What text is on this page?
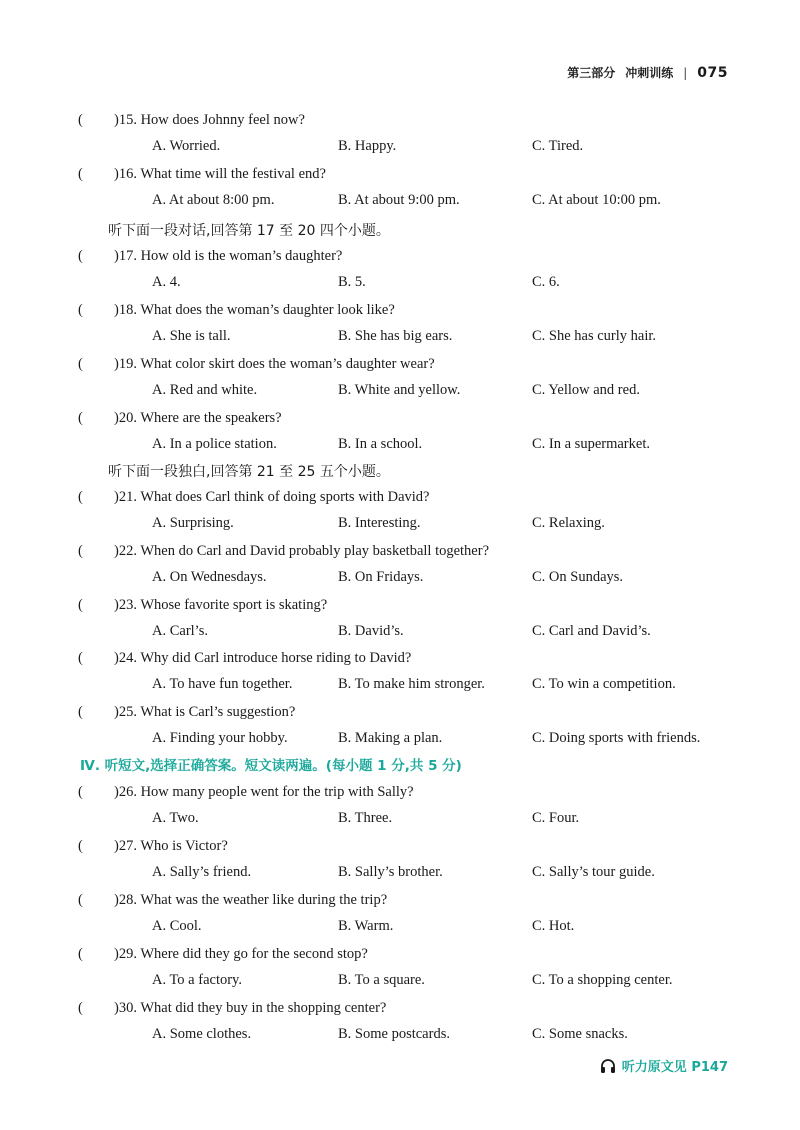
第三部分 冲刺训练 | 075
( )15. How does Johnny feel now?
A. Worried.	B. Happy.	C. Tired.
( )16. What time will the festival end?
A. At about 8:00 pm.	B. At about 9:00 pm.	C. At about 10:00 pm.
听下面一段对话,回答第 17 至 20 四个小题。
( )17. How old is the woman’s daughter?
A. 4.	B. 5.	C. 6.
( )18. What does the woman’s daughter look like?
A. She is tall.	B. She has big ears.	C. She has curly hair.
( )19. What color skirt does the woman’s daughter wear?
A. Red and white.	B. White and yellow.	C. Yellow and red.
( )20. Where are the speakers?
A. In a police station.	B. In a school.	C. In a supermarket.
听下面一段独白,回答第 21 至 25 五个小题。
( )21. What does Carl think of doing sports with David?
A. Surprising.	B. Interesting.	C. Relaxing.
( )22. When do Carl and David probably play basketball together?
A. On Wednesdays.	B. On Fridays.	C. On Sundays.
( )23. Whose favorite sport is skating?
A. Carl’s.	B. David’s.	C. Carl and David’s.
( )24. Why did Carl introduce horse riding to David?
A. To have fun together.	B. To make him stronger.	C. To win a competition.
( )25. What is Carl’s suggestion?
A. Finding your hobby.	B. Making a plan.	C. Doing sports with friends.
Ⅳ. 听短文,选择正确答案。短文读两遍。(每小题 1 分,共 5 分)
( )26. How many people went for the trip with Sally?
A. Two.	B. Three.	C. Four.
( )27. Who is Victor?
A. Sally’s friend.	B. Sally’s brother.	C. Sally’s tour guide.
( )28. What was the weather like during the trip?
A. Cool.	B. Warm.	C. Hot.
( )29. Where did they go for the second stop?
A. To a factory.	B. To a square.	C. To a shopping center.
( )30. What did they buy in the shopping center?
A. Some clothes.	B. Some postcards.	C. Some snacks.
听力原文见 P147
